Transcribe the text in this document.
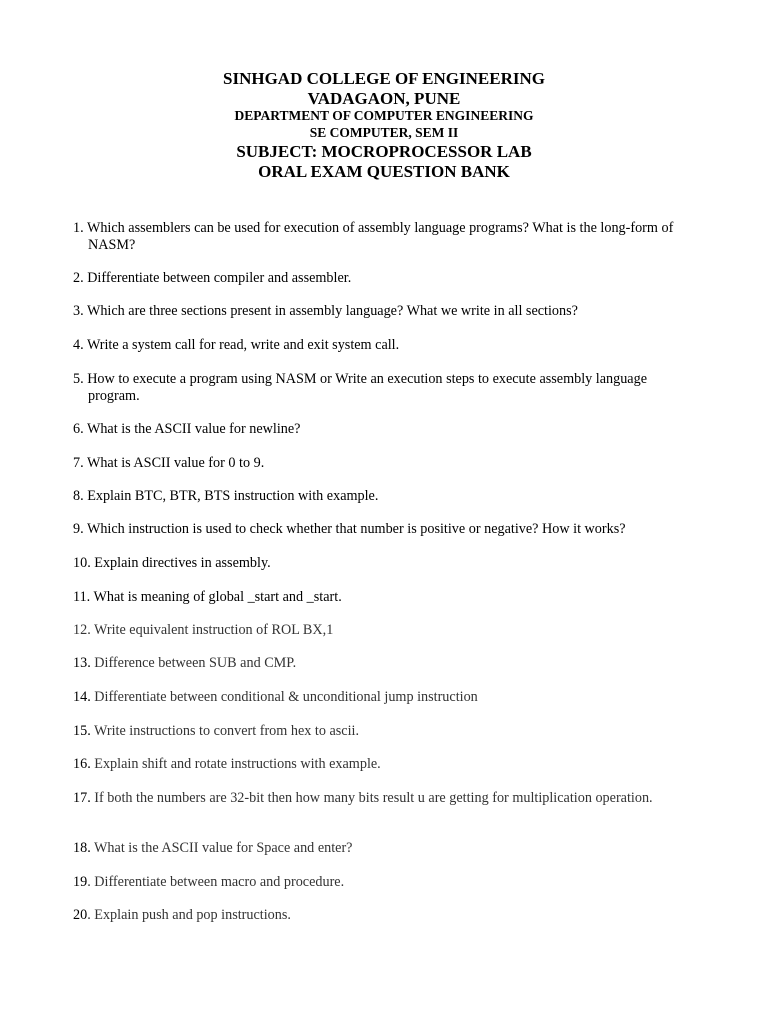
SINHGAD COLLEGE OF ENGINEERING
VADAGAON, PUNE
DEPARTMENT OF COMPUTER ENGINEERING
SE COMPUTER, SEM II
SUBJECT: MOCROPROCESSOR LAB
ORAL EXAM QUESTION BANK
1. Which assemblers can be used for execution of assembly language programs? What is the long-form of NASM?
2. Differentiate between compiler and assembler.
3. Which are three sections present in assembly language? What we write in all sections?
4. Write a system call for read, write and exit system call.
5. How to execute a program using NASM or Write an execution steps to execute assembly language program.
6. What is the ASCII value for newline?
7. What is ASCII value for 0 to 9.
8. Explain BTC, BTR, BTS instruction with example.
9. Which instruction is used to check whether that number is positive or negative? How it works?
10. Explain directives in assembly.
11. What is meaning of global _start and _start.
12. Write equivalent instruction of ROL BX,1
13. Difference between SUB and CMP.
14. Differentiate between conditional & unconditional jump instruction
15. Write instructions to convert from hex to ascii.
16. Explain shift and rotate instructions with example.
17. If both the numbers are 32-bit then how many bits result u are getting for multiplication operation.
18. What is the ASCII value for Space and enter?
19. Differentiate between macro and procedure.
20. Explain push and pop instructions.
